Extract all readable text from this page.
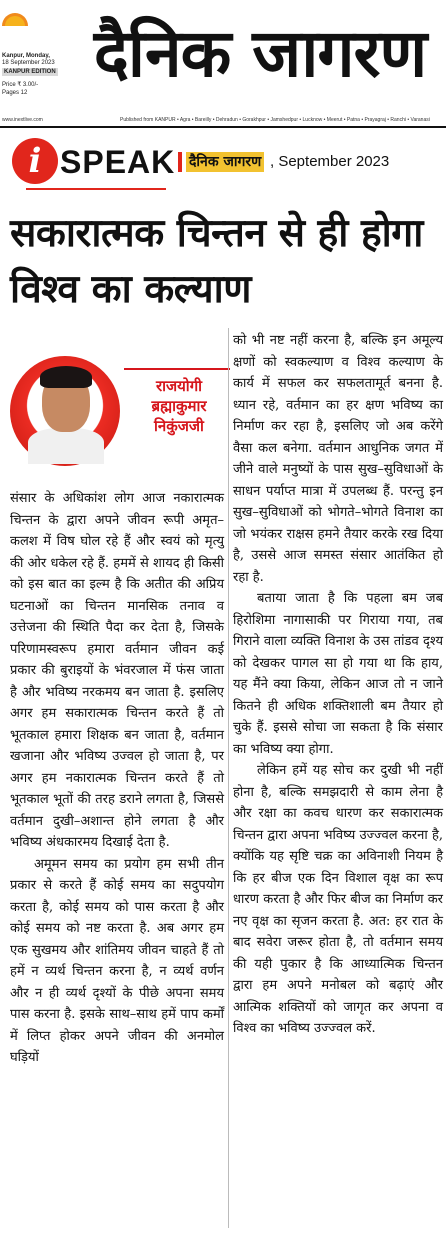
Kanpur, Monday,
18 September 2023
KANPUR EDITION
Price ₹ 3.00/-
Pages 12
दैनिक जागरण
www.inextlive.com	Published from KANPUR • Agra • Bareilly • Dehradun • Gorakhpur • Jamshedpur • Lucknow • Meerut • Patna • Prayagraj • Ranchi • Varanasi
i SPEAK दैनिक जागरण , September 2023
सकारात्मक चिन्तन से ही होगा विश्व का कल्याण
राजयोगी
ब्रह्माकुमार
निकुंजजी

संसार के अधिकांश लोग आज नकारात्मक चिन्तन के द्वारा अपने जीवन रूपी अमृत–कलश में विष घोल रहे हैं और स्वयं को मृत्यु की ओर धकेल रहे हैं. हममें से शायद ही किसी को इस बात का इल्म है कि अतीत की अप्रिय घटनाओं का चिन्तन मानसिक तनाव व उत्तेजना की स्थिति पैदा कर देता है, जिसके परिणामस्वरूप हमारा वर्तमान जीवन कई प्रकार की बुराइयों के भंवरजाल में फंस जाता है और भविष्य नरकमय बन जाता है. इसलिए अगर हम सकारात्मक चिन्तन करते हैं तो भूतकाल हमारा शिक्षक बन जाता है, वर्तमान खजाना और भविष्य उज्वल हो जाता है, पर अगर हम नकारात्मक चिन्तन करते हैं तो भूतकाल भूतों की तरह डराने लगता है, जिससे वर्तमान दुखी–अशान्त होने लगता है और भविष्य अंधकारमय दिखाई देता है.

अमूमन समय का प्रयोग हम सभी तीन प्रकार से करते हैं कोई समय का सदुपयोग करता है, कोई समय को पास करता है और कोई समय को नष्ट करता है. अब अगर हम एक सुखमय और शांतिमय जीवन चाहते हैं तो हमें न व्यर्थ चिन्तन करना है, न व्यर्थ वर्णन और न ही व्यर्थ दृश्यों के पीछे अपना समय पास करना है. इसके साथ–साथ हमें पाप कर्मों में लिप्त होकर अपने जीवन की अनमोल घड़ियों

को भी नष्ट नहीं करना है, बल्कि इन अमूल्य क्षणों को स्वकल्याण व विश्व कल्याण के कार्य में सफल कर सफलतामूर्त बनना है. ध्यान रहे, वर्तमान का हर क्षण भविष्य का निर्माण कर रहा है, इसलिए जो अब करेंगे वैसा कल बनेगा. वर्तमान आधुनिक जगत में जीने वाले मनुष्यों के पास सुख–सुविधाओं के साधन पर्याप्त मात्रा में उपलब्ध हैं. परन्तु इन सुख–सुविधाओं को भोगते–भोगते विनाश का जो भयंकर राक्षस हमने तैयार करके रख दिया है, उससे आज समस्त संसार आतंकित हो रहा है.

बताया जाता है कि पहला बम जब हिरोशिमा नागासाकी पर गिराया गया, तब गिराने वाला व्यक्ति विनाश के उस तांडव दृश्य को देखकर पागल सा हो गया था कि हाय, यह मैंने क्या किया, लेकिन आज तो न जाने कितने ही अधिक शक्तिशाली बम तैयार हो चुके हैं. इससे सोचा जा सकता है कि संसार का भविष्य क्या होगा.

लेकिन हमें यह सोच कर दुखी भी नहीं होना है, बल्कि समझदारी से काम लेना है और रक्षा का कवच धारण कर सकारात्मक चिन्तन द्वारा अपना भविष्य उज्ज्वल करना है, क्योंकि यह सृष्टि चक्र का अविनाशी नियम है कि हर बीज एक दिन विशाल वृक्ष का रूप धारण करता है और फिर बीज का निर्माण कर नए वृक्ष का सृजन करता है. अत: हर रात के बाद सवेरा जरूर होता है, तो वर्तमान समय की यही पुकार है कि आध्यात्मिक चिन्तन द्वारा हम अपने मनोबल को बढ़ाएं और आत्मिक शक्तियों को जागृत कर अपना व विश्व का भविष्य उज्ज्वल करें.
